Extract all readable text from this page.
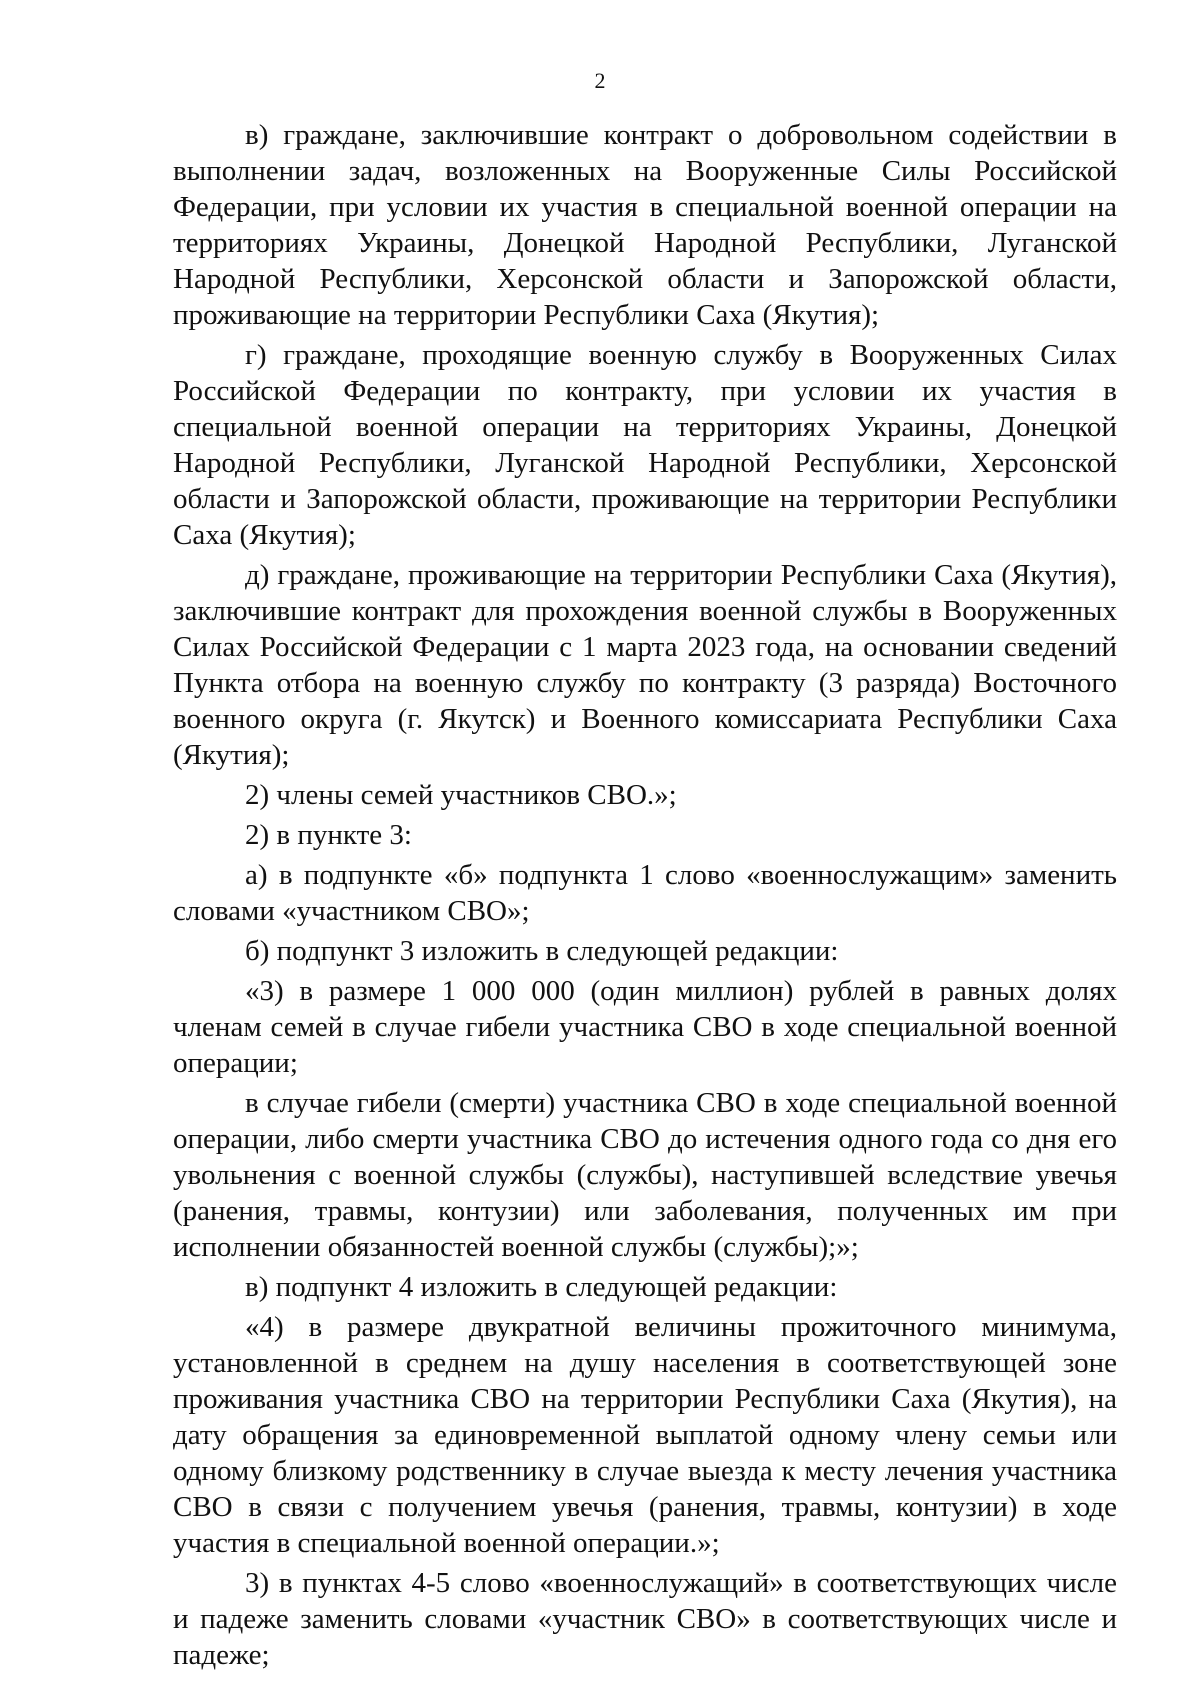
2

в) граждане, заключившие контракт о добровольном содействии в выполнении задач, возложенных на Вооруженные Силы Российской Федерации, при условии их участия в специальной военной операции на территориях Украины, Донецкой Народной Республики, Луганской Народной Республики, Херсонской области и Запорожской области, проживающие на территории Республики Саха (Якутия);

г) граждане, проходящие военную службу в Вооруженных Силах Российской Федерации по контракту, при условии их участия в специальной военной операции на территориях Украины, Донецкой Народной Республики, Луганской Народной Республики, Херсонской области и Запорожской области, проживающие на территории Республики Саха (Якутия);

д) граждане, проживающие на территории Республики Саха (Якутия), заключившие контракт для прохождения военной службы в Вооруженных Силах Российской Федерации с 1 марта 2023 года, на основании сведений Пункта отбора на военную службу по контракту (3 разряда) Восточного военного округа (г. Якутск) и Военного комиссариата Республики Саха (Якутия);

2) члены семей участников СВО.»;

2) в пункте 3:

а) в подпункте «б» подпункта 1 слово «военнослужащим» заменить словами «участником СВО»;

б) подпункт 3 изложить в следующей редакции:

«3) в размере 1 000 000 (один миллион) рублей в равных долях членам семей в случае гибели участника СВО в ходе специальной военной операции;

в случае гибели (смерти) участника СВО в ходе специальной военной операции, либо смерти участника СВО до истечения одного года со дня его увольнения с военной службы (службы), наступившей вследствие увечья (ранения, травмы, контузии) или заболевания, полученных им при исполнении обязанностей военной службы (службы);»;

в) подпункт 4 изложить в следующей редакции:

«4) в размере двукратной величины прожиточного минимума, установленной в среднем на душу населения в соответствующей зоне проживания участника СВО на территории Республики Саха (Якутия), на дату обращения за единовременной выплатой одному члену семьи или одному близкому родственнику в случае выезда к месту лечения участника СВО в связи с получением увечья (ранения, травмы, контузии) в ходе участия в специальной военной операции.»;

3) в пунктах 4-5 слово «военнослужащий» в соответствующих числе и падеже заменить словами «участник СВО» в соответствующих числе и падеже;
